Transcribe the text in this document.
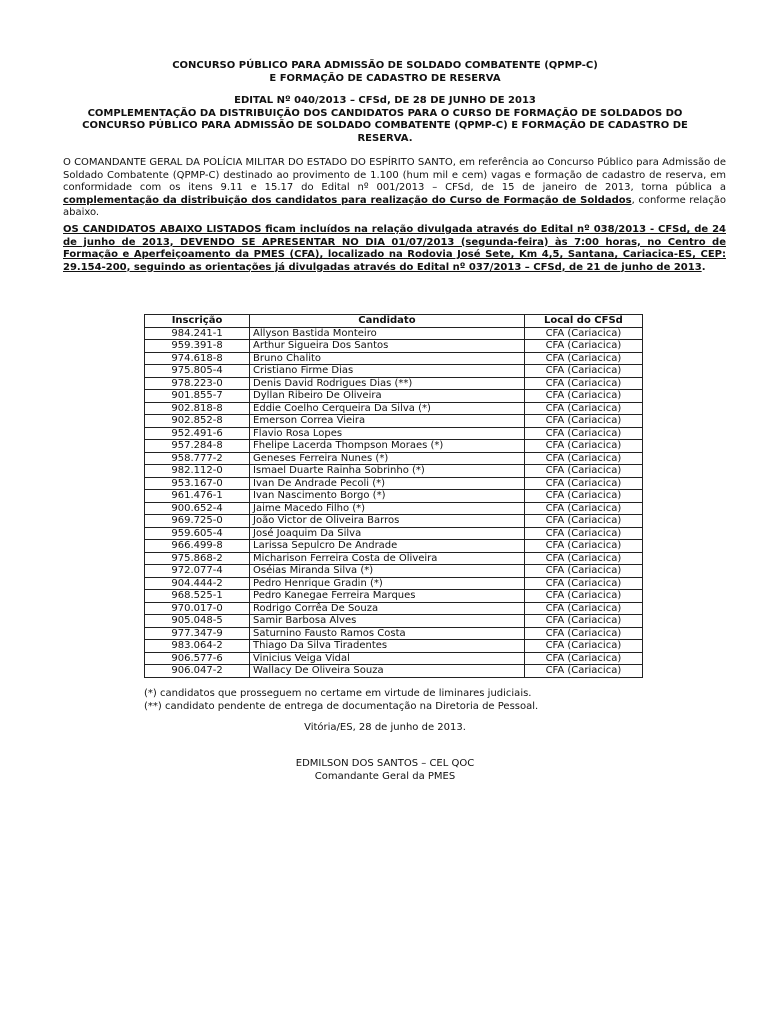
CONCURSO PÚBLICO PARA ADMISSÃO DE SOLDADO COMBATENTE (QPMP-C)
E FORMAÇÃO DE CADASTRO DE RESERVA
EDITAL Nº 040/2013 – CFSd, DE 28 DE JUNHO DE 2013
COMPLEMENTAÇÃO DA DISTRIBUIÇÃO DOS CANDIDATOS PARA O CURSO DE FORMAÇÃO DE SOLDADOS DO
CONCURSO PÚBLICO PARA ADMISSÃO DE SOLDADO COMBATENTE (QPMP-C) E FORMAÇÃO DE CADASTRO DE
RESERVA.

O COMANDANTE GERAL DA POLÍCIA MILITAR DO ESTADO DO ESPÍRITO SANTO, em referência ao Concurso Público para Admissão de Soldado Combatente (QPMP-C) destinado ao provimento de 1.100 (hum mil e cem) vagas e formação de cadastro de reserva, em conformidade com os itens 9.11 e 15.17 do Edital nº 001/2013 – CFSd, de 15 de janeiro de 2013, torna pública a complementação da distribuição dos candidatos para realização do Curso de Formação de Soldados, conforme relação abaixo.

OS CANDIDATOS ABAIXO LISTADOS ficam incluídos na relação divulgada através do Edital nº 038/2013 - CFSd, de 24 de junho de 2013, DEVENDO SE APRESENTAR NO DIA 01/07/2013 (segunda-feira) às 7:00 horas, no Centro de Formação e Aperfeiçoamento da PMES (CFA), localizado na Rodovia José Sete, Km 4,5, Santana, Cariacica-ES, CEP: 29.154-200, seguindo as orientações já divulgadas através do Edital nº 037/2013 – CFSd, de 21 de junho de 2013.

Inscrição	Candidato	Local do CFSd
984.241-1	Allyson Bastida Monteiro	CFA (Cariacica)
959.391-8	Arthur Sigueira Dos Santos	CFA (Cariacica)
974.618-8	Bruno Chalito	CFA (Cariacica)
975.805-4	Cristiano Firme Dias	CFA (Cariacica)
978.223-0	Denis David Rodrigues Dias (**)	CFA (Cariacica)
901.855-7	Dyllan Ribeiro De Oliveira	CFA (Cariacica)
902.818-8	Eddie Coelho Cerqueira Da Silva (*)	CFA (Cariacica)
902.852-8	Emerson Correa Vieira	CFA (Cariacica)
952.491-6	Flavio Rosa Lopes	CFA (Cariacica)
957.284-8	Fhelipe Lacerda Thompson Moraes (*)	CFA (Cariacica)
958.777-2	Geneses Ferreira Nunes (*)	CFA (Cariacica)
982.112-0	Ismael Duarte Rainha Sobrinho (*)	CFA (Cariacica)
953.167-0	Ivan De Andrade Pecoli (*)	CFA (Cariacica)
961.476-1	Ivan Nascimento Borgo (*)	CFA (Cariacica)
900.652-4	Jaime Macedo Filho (*)	CFA (Cariacica)
969.725-0	João Victor de Oliveira Barros	CFA (Cariacica)
959.605-4	José Joaquim Da Silva	CFA (Cariacica)
966.499-8	Larissa Sepulcro De Andrade	CFA (Cariacica)
975.868-2	Micharison Ferreira Costa de Oliveira	CFA (Cariacica)
972.077-4	Oséias Miranda Silva (*)	CFA (Cariacica)
904.444-2	Pedro Henrique Gradin (*)	CFA (Cariacica)
968.525-1	Pedro Kanegae Ferreira Marques	CFA (Cariacica)
970.017-0	Rodrigo Corrêa De Souza	CFA (Cariacica)
905.048-5	Samir Barbosa Alves	CFA (Cariacica)
977.347-9	Saturnino Fausto Ramos Costa	CFA (Cariacica)
983.064-2	Thiago Da Silva Tiradentes	CFA (Cariacica)
906.577-6	Vinicius Veiga Vidal	CFA (Cariacica)
906.047-2	Wallacy De Oliveira Souza	CFA (Cariacica)
(*) candidatos que prosseguem no certame em virtude de liminares judiciais.
(**) candidato pendente de entrega de documentação na Diretoria de Pessoal.
Vitória/ES, 28 de junho de 2013.
EDMILSON DOS SANTOS – CEL QOC
Comandante Geral da PMES
